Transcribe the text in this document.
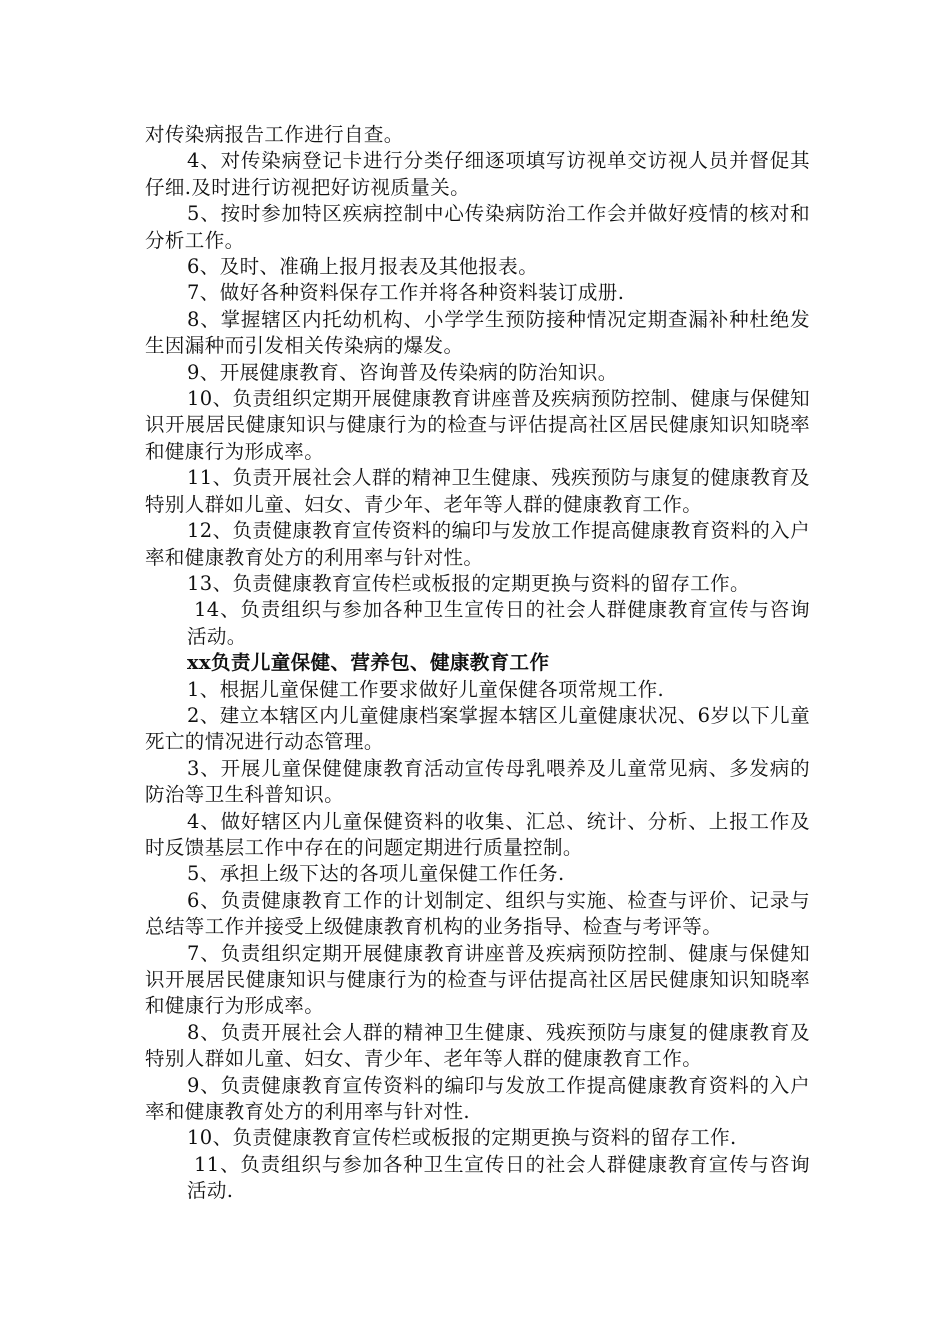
对传染病报告工作进行自查。

4、对传染病登记卡进行分类仔细逐项填写访视单交访视人员并督促其仔细.及时进行访视把好访视质量关。

5、按时参加特区疾病控制中心传染病防治工作会并做好疫情的核对和分析工作。

6、及时、准确上报月报表及其他报表。

7、做好各种资料保存工作并将各种资料装订成册.

8、掌握辖区内托幼机构、小学学生预防接种情况定期查漏补种杜绝发生因漏种而引发相关传染病的爆发。

9、开展健康教育、咨询普及传染病的防治知识。

10、负责组织定期开展健康教育讲座普及疾病预防控制、健康与保健知识开展居民健康知识与健康行为的检查与评估提高社区居民健康知识知晓率和健康行为形成率。

11、负责开展社会人群的精神卫生健康、残疾预防与康复的健康教育及特别人群如儿童、妇女、青少年、老年等人群的健康教育工作。

12、负责健康教育宣传资料的编印与发放工作提高健康教育资料的入户率和健康教育处方的利用率与针对性。

13、负责健康教育宣传栏或板报的定期更换与资料的留存工作。

14、负责组织与参加各种卫生宣传日的社会人群健康教育宣传与咨询活动。

xx负责儿童保健、营养包、健康教育工作

1、根据儿童保健工作要求做好儿童保健各项常规工作.

2、建立本辖区内儿童健康档案掌握本辖区儿童健康状况、6岁以下儿童死亡的情况进行动态管理。

3、开展儿童保健健康教育活动宣传母乳喂养及儿童常见病、多发病的防治等卫生科普知识。

4、做好辖区内儿童保健资料的收集、汇总、统计、分析、上报工作及时反馈基层工作中存在的问题定期进行质量控制。

5、承担上级下达的各项儿童保健工作任务.

6、负责健康教育工作的计划制定、组织与实施、检查与评价、记录与总结等工作并接受上级健康教育机构的业务指导、检查与考评等。

7、负责组织定期开展健康教育讲座普及疾病预防控制、健康与保健知识开展居民健康知识与健康行为的检查与评估提高社区居民健康知识知晓率和健康行为形成率。

8、负责开展社会人群的精神卫生健康、残疾预防与康复的健康教育及特别人群如儿童、妇女、青少年、老年等人群的健康教育工作。

9、负责健康教育宣传资料的编印与发放工作提高健康教育资料的入户率和健康教育处方的利用率与针对性.

10、负责健康教育宣传栏或板报的定期更换与资料的留存工作.

11、负责组织与参加各种卫生宣传日的社会人群健康教育宣传与咨询活动.
